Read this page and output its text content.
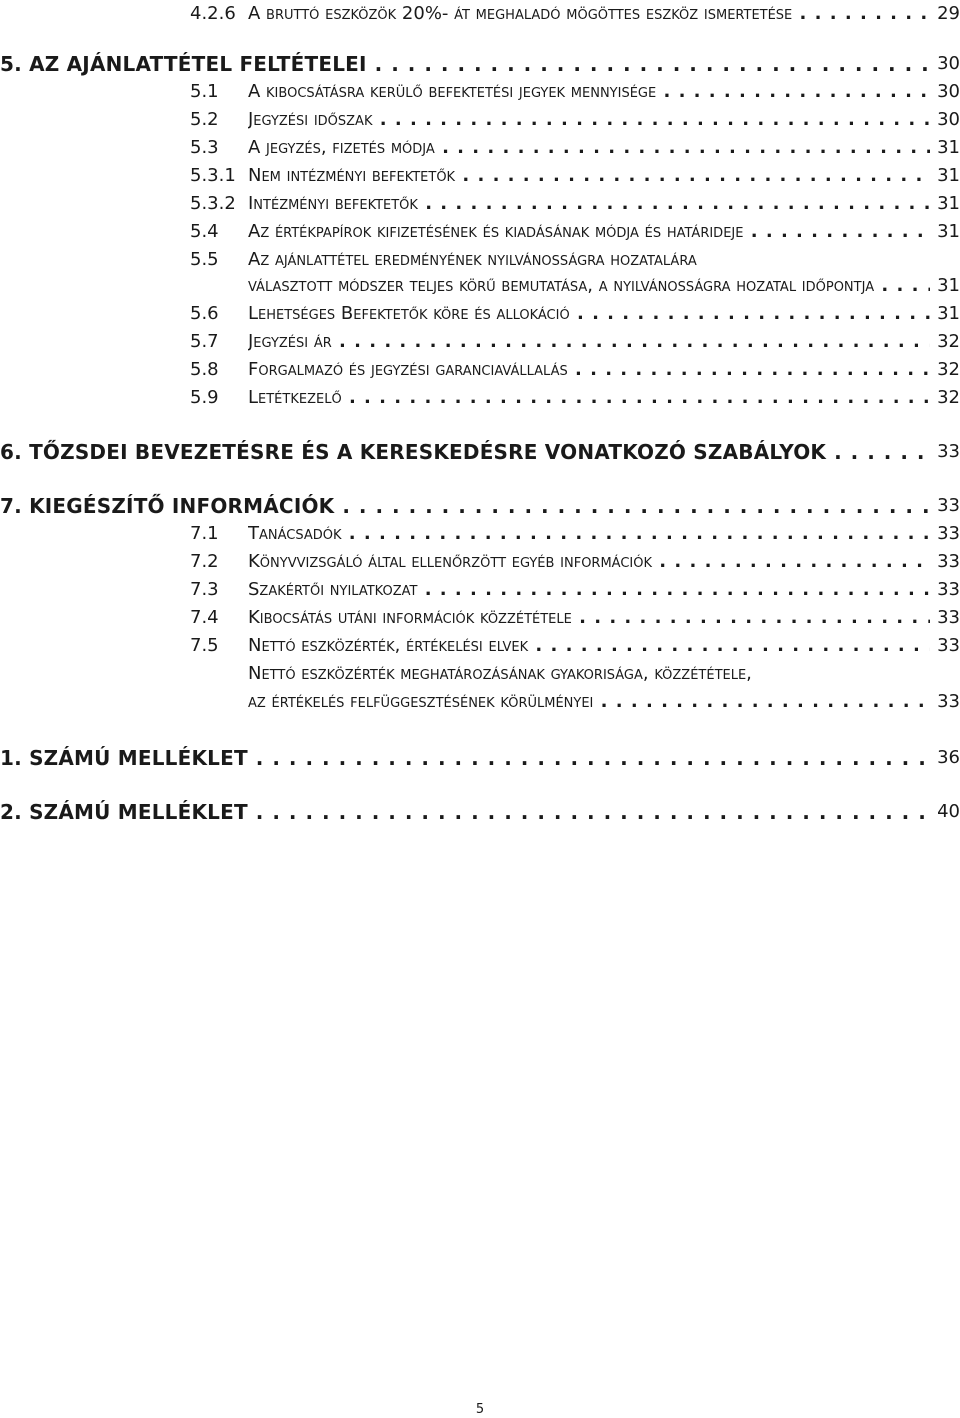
4.2.6 A bruttó eszközök 20%- át meghaladó mögöttes eszköz ismertetése . . .	29
5. AZ AJÁNLATTÉTEL FELTÉTELEI . . .	30
5.1 A kibocsátásra kerülő befektetési jegyek mennyisége . . .	30
5.2 Jegyzési időszak . . .	30
5.3 A jegyzés, fizetés módja . . .	31
5.3.1 Nem intézményi befektetők . . .	31
5.3.2 Intézményi befektetők . . .	31
5.4 Az értékpapírok kifizetésének és kiadásának módja és határideje . . .	31
5.5 Az ajánlattétel eredményének nyilvánosságra hozatalára
választott módszer teljes körű bemutatása, a nyilvánosságra hozatal időpontja . . .	31
5.6 Lehetséges Befektetők köre és allokáció . . .	31
5.7 Jegyzési ár . . .	32
5.8 Forgalmazó és jegyzési garanciavállalás . . .	32
5.9 Letétkezelő . . .	32
6. TŐZSDEI BEVEZETÉSRE ÉS A KERESKEDÉSRE VONATKOZÓ SZABÁLYOK . . .	33
7. KIEGÉSZÍTŐ INFORMÁCIÓK . . .	33
7.1 Tanácsadók . . .	33
7.2 Könyvvizsgáló által ellenőrzött egyéb információk . . .	33
7.3 Szakértői nyilatkozat . . .	33
7.4 Kibocsátás utáni információk közzététele . . .	33
7.5 Nettó eszközérték, értékelési elvek . . .	33
Nettó eszközérték meghatározásának gyakorisága, közzététele,
az értékelés felfüggesztésének körülményei . . .	33
1. SZÁMÚ MELLÉKLET . . .	36
2. SZÁMÚ MELLÉKLET . . .	40
5
